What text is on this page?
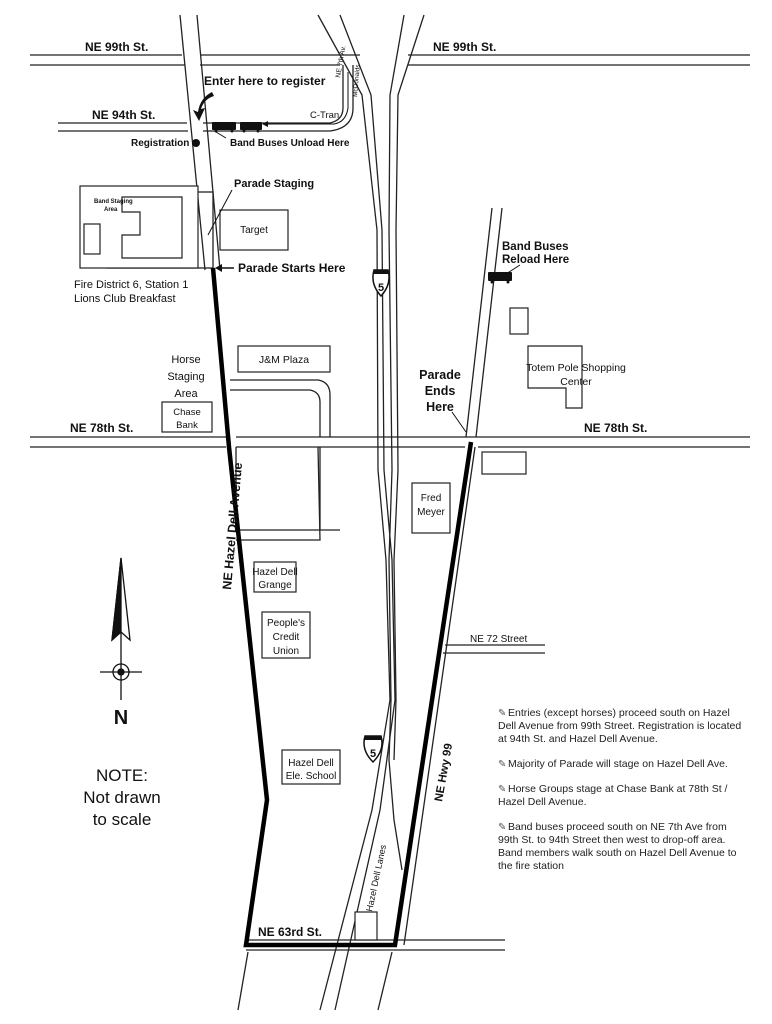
5
5
N
NE 99th St.	NE 99th St.
NE 94th St.
NE 78th St.	NE 78th St.
NE 72 Street
NE 63rd St.
C-Tran
NE 7th Av.
McDonalds
NE Hazel Dell Avenue
NE Hwy 99
Hazel Dell Lanes
Enter here to register
Registration	Band Buses Unload Here
Parade Staging
Band Staging
Area
Target
Parade Starts Here
Fire District 6, Station 1
Lions Club Breakfast
Horse
Staging
Area
J&M Plaza
Chase
Bank
Band Buses
Reload Here
Totem Pole Shopping
Center
Parade
Ends
Here
Fred
Meyer
Hazel Dell
Grange
People's
Credit
Union
Hazel Dell
Ele. School
NOTE:
Not drawn
to scale
✎ Entries (except horses) proceed south on Hazel Dell Avenue from 99th Street. Registration is located at 94th St. and Hazel Dell Avenue.
✎ Majority of Parade will stage on Hazel Dell Ave.
✎ Horse Groups stage at Chase Bank at 78th St / Hazel Dell Avenue.
✎ Band buses proceed south on NE 7th Ave from 99th St. to 94th Street then west to drop-off area. Band members walk south on Hazel Dell Avenue to the fire station
